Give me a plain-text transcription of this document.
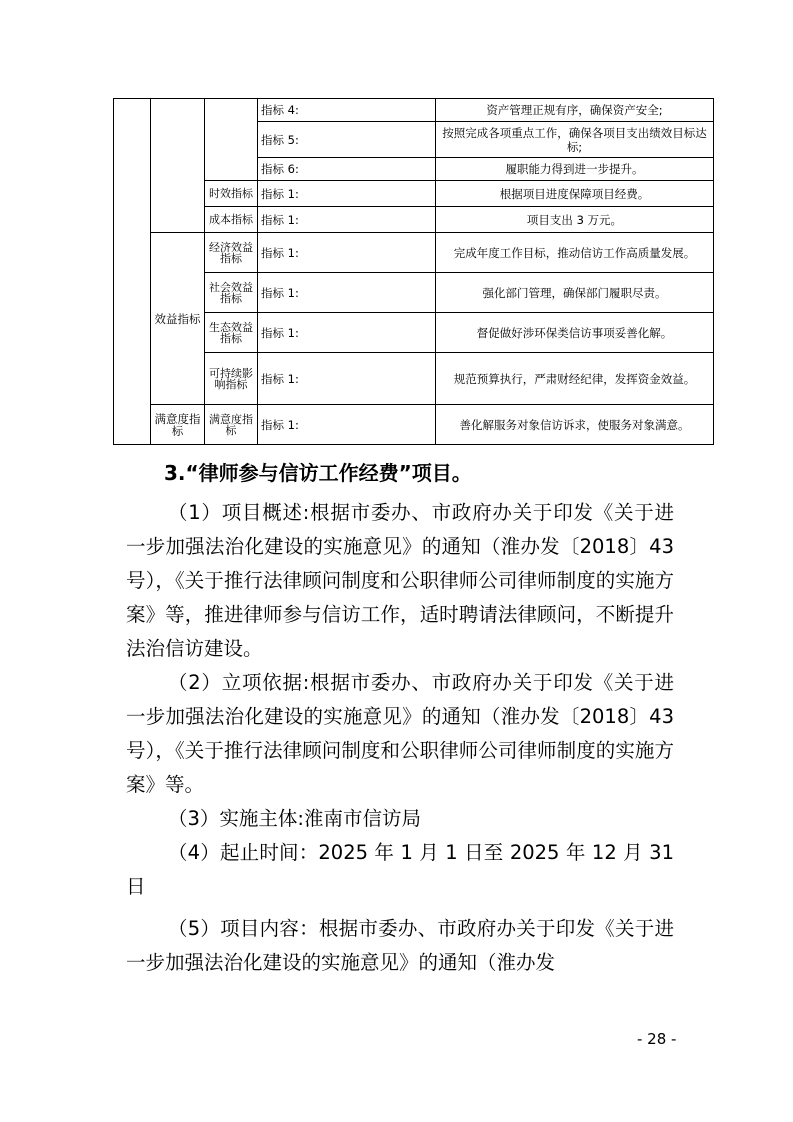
			指标 4:	资产管理正规有序，确保资产安全;
			指标 5:	按照完成各项重点工作，确保各项目支出绩效目标达标;
			指标 6:	履职能力得到进一步提升。
		时效指标	指标 1:	根据项目进度保障项目经费。
		成本指标	指标 1:	项目支出 3 万元。
	效益指标	经济效益指标	指标 1:	完成年度工作目标，推动信访工作高质量发展。
		社会效益指标	指标 1:	强化部门管理，确保部门履职尽责。
		生态效益指标	指标 1:	督促做好涉环保类信访事项妥善化解。
		可持续影响指标	指标 1:	规范预算执行，严肃财经纪律，发挥资金效益。
	满意度指标	满意度指标	指标 1:	善化解服务对象信访诉求，使服务对象满意。
3.“律师参与信访工作经费”项目。

（1）项目概述:根据市委办、市政府办关于印发《关于进一步加强法治化建设的实施意见》的通知（淮办发〔2018〕43号），《关于推行法律顾问制度和公职律师公司律师制度的实施方案》等，推进律师参与信访工作，适时聘请法律顾问，不断提升法治信访建设。

（2）立项依据:根据市委办、市政府办关于印发《关于进一步加强法治化建设的实施意见》的通知（淮办发〔2018〕43号），《关于推行法律顾问制度和公职律师公司律师制度的实施方案》等。

（3）实施主体:淮南市信访局

（4）起止时间：2025 年 1 月 1 日至 2025 年 12 月 31 日

（5）项目内容：根据市委办、市政府办关于印发《关于进一步加强法治化建设的实施意见》的通知（淮办发

- 28 -
